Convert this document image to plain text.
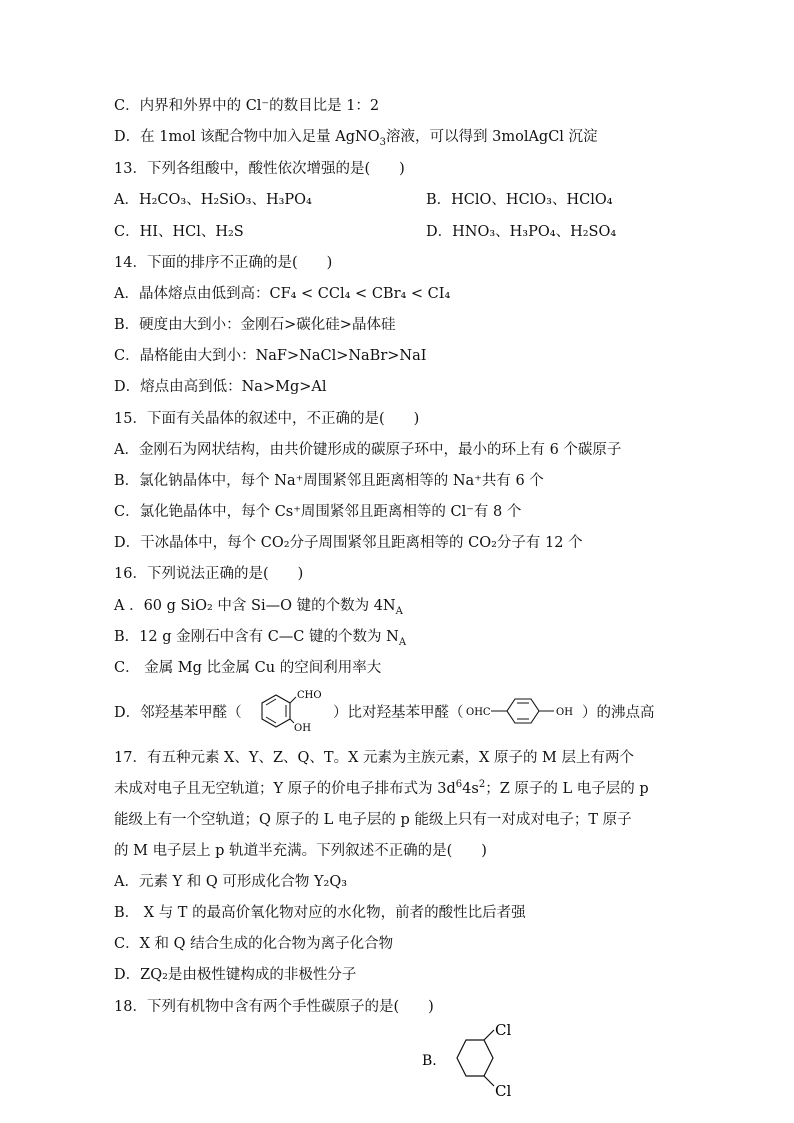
C．内界和外界中的 Cl⁻的数目比是 1：2
D．在 1mol 该配合物中加入足量 AgNO$_3$溶液，可以得到 3molAgCl 沉淀
13．下列各组酸中，酸性依次增强的是(　　)
A．H₂CO₃、H₂SiO₃、H₃PO₄	B．HClO、HClO₃、HClO₄
C．HI、HCl、H₂S	D．HNO₃、H₃PO₄、H₂SO₄
14．下面的排序不正确的是(　　)
A．晶体熔点由低到高：CF₄ < CCl₄ < CBr₄ < CI₄
B．硬度由大到小：金刚石>碳化硅>晶体硅
C．晶格能由大到小：NaF>NaCl>NaBr>NaI
D．熔点由高到低：Na>Mg>Al
15．下面有关晶体的叙述中，不正确的是(　　)
A．金刚石为网状结构，由共价键形成的碳原子环中，最小的环上有 6 个碳原子
B．氯化钠晶体中，每个 Na⁺周围紧邻且距离相等的 Na⁺共有 6 个
C．氯化铯晶体中，每个 Cs⁺周围紧邻且距离相等的 Cl⁻有 8 个
D．干冰晶体中，每个 CO₂分子周围紧邻且距离相等的 CO₂分子有 12 个
16．下列说法正确的是(　　)
A ．60 g SiO₂ 中含 Si—O 键的个数为 $4N_A$
B．12 g 金刚石中含有 C—C 键的个数为 $N_A$
C． 金属 Mg 比金属 Cu 的空间利用率大
D．邻羟基苯甲醛（
CHO
OH
）比对羟基苯甲醛（ OHC	OH ）的沸点高
17．有五种元素 X、Y、Z、Q、T。X 元素为主族元素，X 原子的 M 层上有两个
未成对电子且无空轨道；Y 原子的价电子排布式为 $3d^64s^2$；Z 原子的 L 电子层的 p
能级上有一个空轨道；Q 原子的 L 电子层的 p 能级上只有一对成对电子；T 原子
的 M 电子层上 p 轨道半充满。下列叙述不正确的是(　　)
A．元素 Y 和 Q 可形成化合物 Y₂Q₃
B． X 与 T 的最高价氧化物对应的水化物，前者的酸性比后者强
C．X 和 Q 结合生成的化合物为离子化合物
D．ZQ₂是由极性键构成的非极性分子
18．下列有机物中含有两个手性碳原子的是(　　)
B.
Cl
Cl
